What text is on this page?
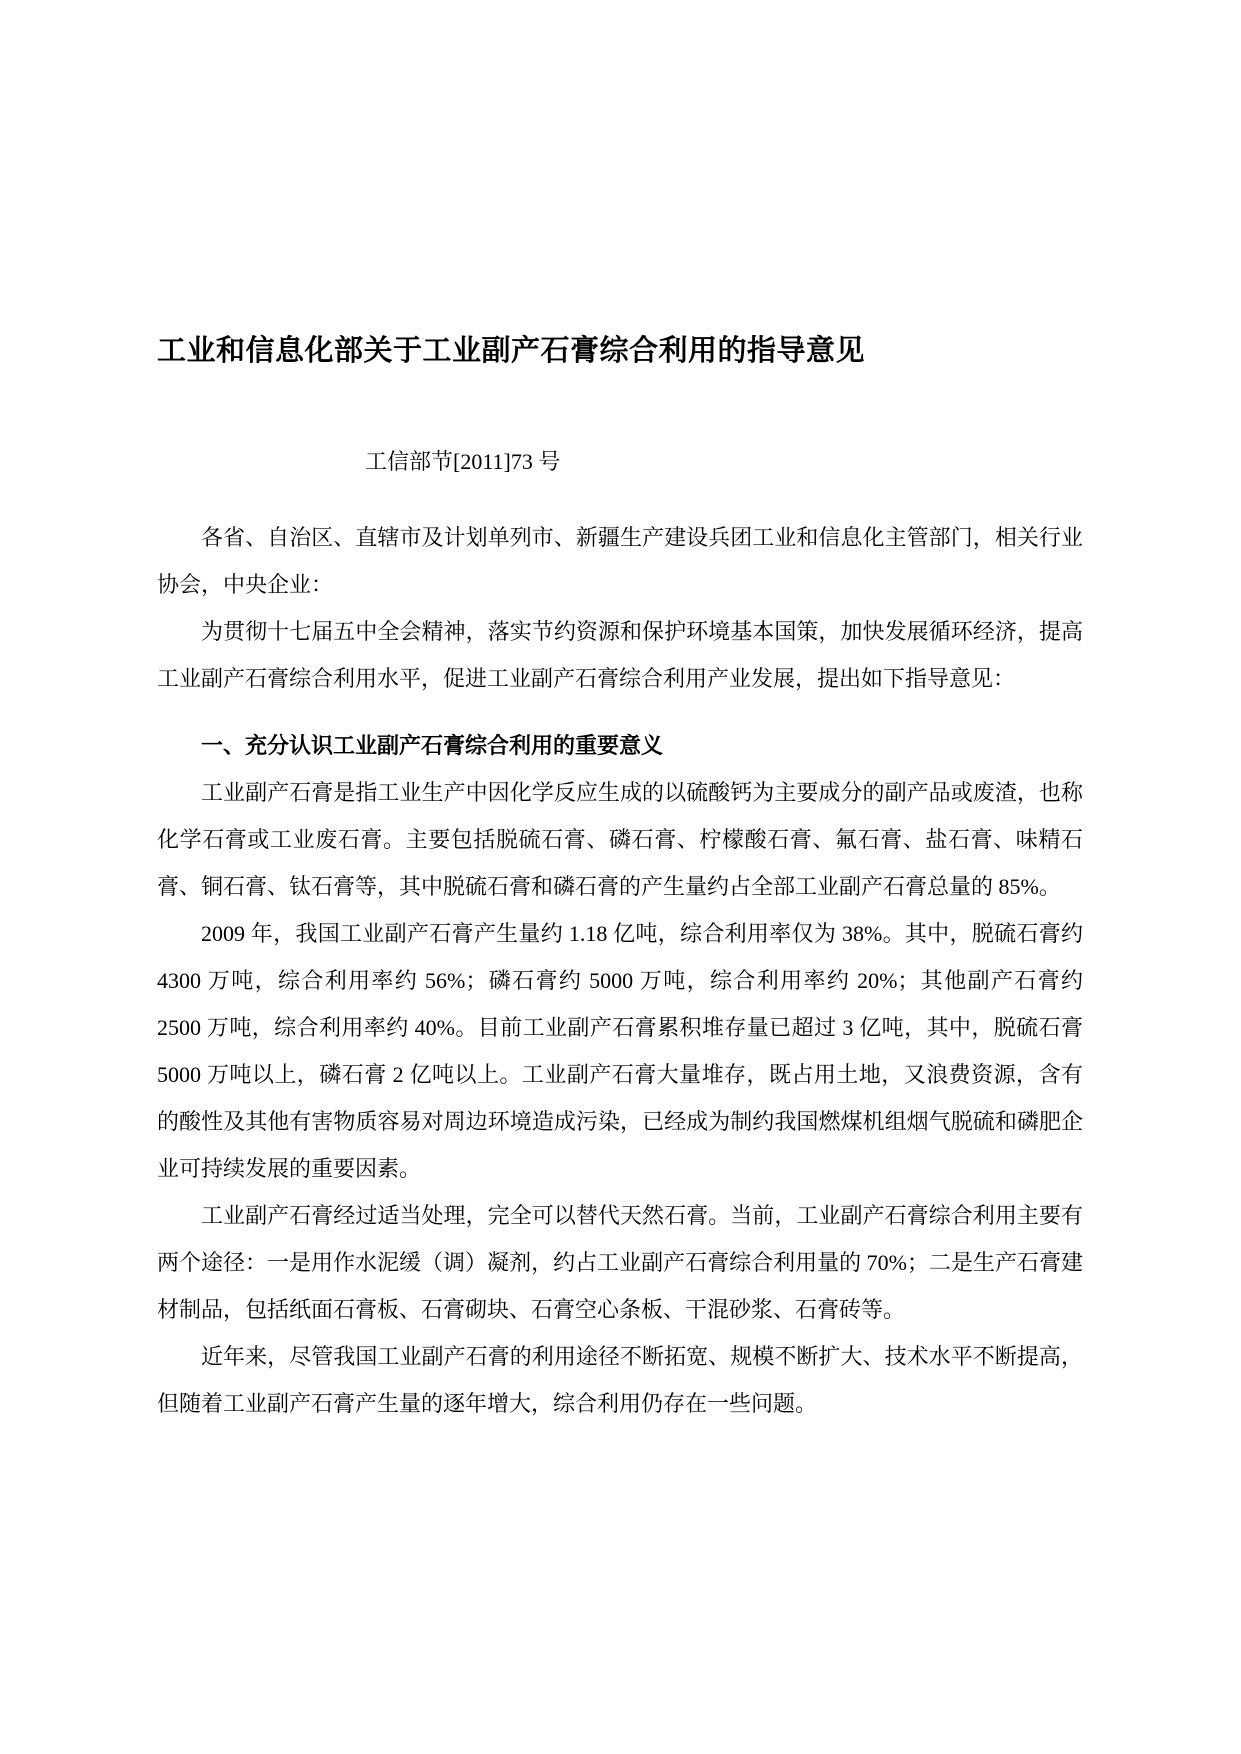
工业和信息化部关于工业副产石膏综合利用的指导意见
工信部节[2011]73 号

各省、自治区、直辖市及计划单列市、新疆生产建设兵团工业和信息化主管部门，相关行业协会，中央企业：

为贯彻十七届五中全会精神，落实节约资源和保护环境基本国策，加快发展循环经济，提高工业副产石膏综合利用水平，促进工业副产石膏综合利用产业发展，提出如下指导意见：

一、充分认识工业副产石膏综合利用的重要意义

工业副产石膏是指工业生产中因化学反应生成的以硫酸钙为主要成分的副产品或废渣，也称化学石膏或工业废石膏。主要包括脱硫石膏、磷石膏、柠檬酸石膏、氟石膏、盐石膏、味精石膏、铜石膏、钛石膏等，其中脱硫石膏和磷石膏的产生量约占全部工业副产石膏总量的 85%。

2009 年，我国工业副产石膏产生量约 1.18 亿吨，综合利用率仅为 38%。其中，脱硫石膏约 4300 万吨，综合利用率约 56%；磷石膏约 5000 万吨，综合利用率约 20%；其他副产石膏约 2500 万吨，综合利用率约 40%。目前工业副产石膏累积堆存量已超过 3 亿吨，其中，脱硫石膏 5000 万吨以上，磷石膏 2 亿吨以上。工业副产石膏大量堆存，既占用土地，又浪费资源，含有的酸性及其他有害物质容易对周边环境造成污染，已经成为制约我国燃煤机组烟气脱硫和磷肥企业可持续发展的重要因素。

工业副产石膏经过适当处理，完全可以替代天然石膏。当前，工业副产石膏综合利用主要有两个途径：一是用作水泥缓（调）凝剂，约占工业副产石膏综合利用量的 70%；二是生产石膏建材制品，包括纸面石膏板、石膏砌块、石膏空心条板、干混砂浆、石膏砖等。

近年来，尽管我国工业副产石膏的利用途径不断拓宽、规模不断扩大、技术水平不断提高，但随着工业副产石膏产生量的逐年增大，综合利用仍存在一些问题。
